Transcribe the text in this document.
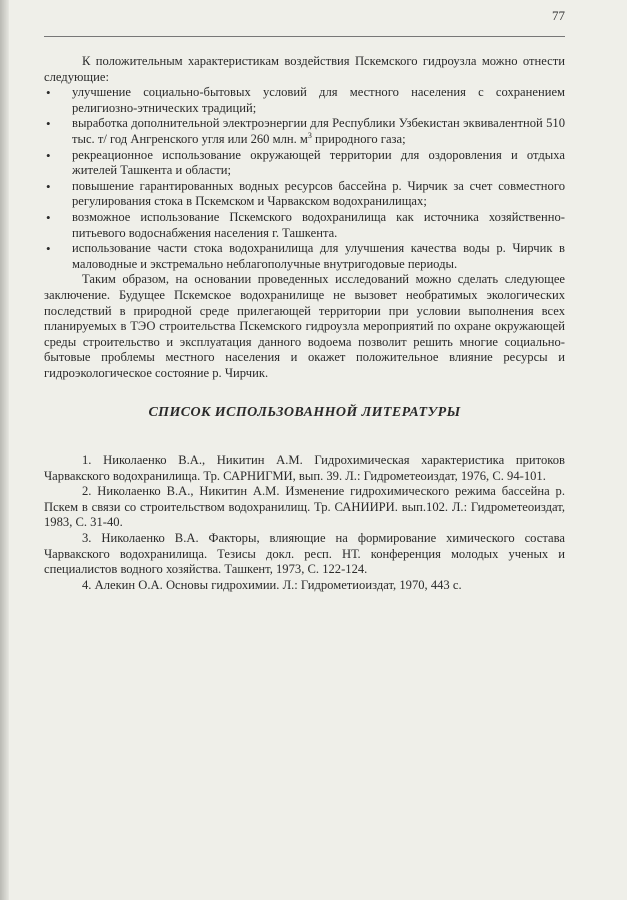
77

К положительным характеристикам воздействия Пскемского гидроузла можно отнести следующие:

• улучшение социально-бытовых условий для местного населения с сохранением религиозно-этнических традиций;
• выработка дополнительной электроэнергии для Республики Узбекистан эквивалентной 510 тыс. т/ год Ангренского угля или 260 млн. $м^3$ природного газа;
• рекреационное использование окружающей территории для оздоровления и отдыха жителей Ташкента и области;
• повышение гарантированных водных ресурсов бассейна р. Чирчик за счет совместного регулирования стока в Пскемском и Чарвакском водохранилищах;
• возможное использование Пскемского водохранилища как источника хозяйственно-питьевого водоснабжения населения г. Ташкента.
• использование части стока водохранилища для улучшения качества воды р. Чирчик в маловодные и экстремально неблагополучные внутригодовые периоды.

Таким образом, на основании проведенных исследований можно сделать следующее заключение. Будущее Пскемское водохранилище не вызовет необратимых экологических последствий в природной среде прилегающей территории при условии выполнения всех планируемых в ТЭО строительства Пскемского гидроузла мероприятий по охране окружающей среды строительство и эксплуатация данного водоема позволит решить многие социально-бытовые проблемы местного населения и окажет положительное влияние ресурсы и гидроэкологическое состояние р. Чирчик.

СПИСОК ИСПОЛЬЗОВАННОЙ ЛИТЕРАТУРЫ
1. Николаенко В.А., Никитин А.М. Гидрохимическая характеристика притоков Чарвакского водохранилища. Тр. САРНИГМИ, вып. 39. Л.: Гидрометеоиздат, 1976, С. 94-101.
2. Николаенко В.А., Никитин А.М. Изменение гидрохимического режима бассейна р. Пскем в связи со строительством водохранилищ. Тр. САНИИРИ. вып.102. Л.: Гидрометеоиздат, 1983, С. 31-40.
3. Николаенко В.А. Факторы, влияющие на формирование химического состава Чарвакского водохранилища. Тезисы докл. респ. НТ. конференция молодых ученых и специалистов водного хозяйства. Ташкент, 1973, С. 122-124.
4. Алекин О.А. Основы гидрохимии. Л.: Гидрометиоиздат, 1970, 443 с.
